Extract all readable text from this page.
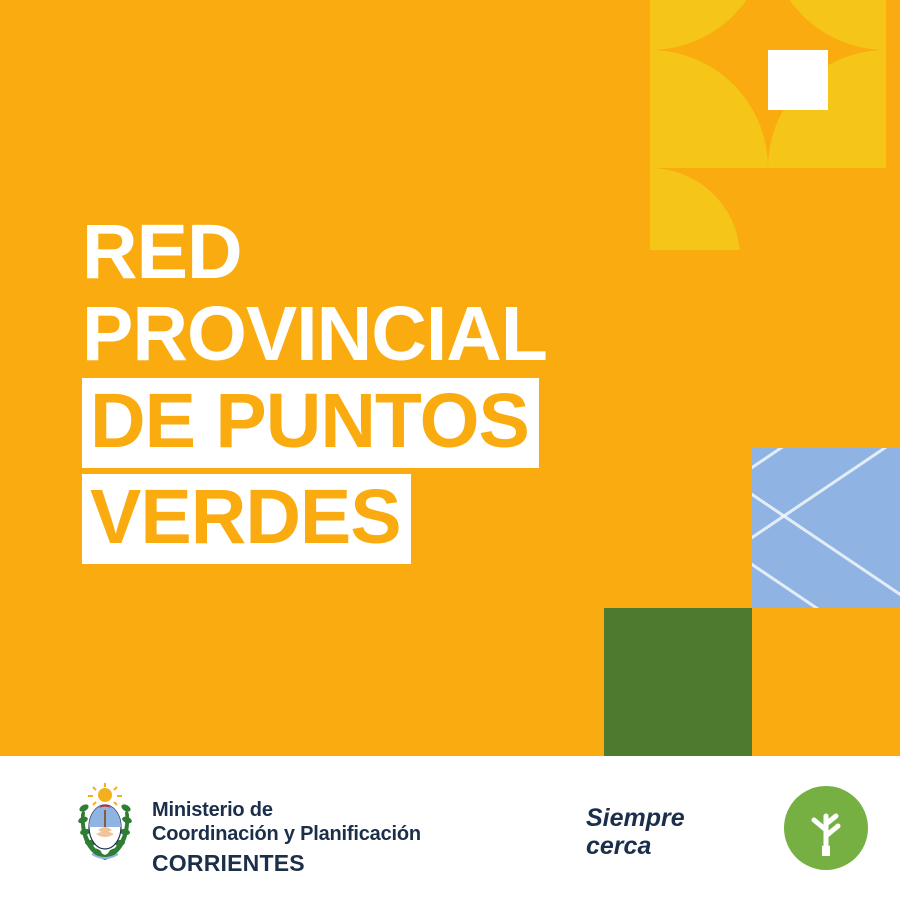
RED
PROVINCIAL
DE PUNTOS VERDES
Ministerio de
Coordinación y Planificación
CORRIENTES
Siempre
cerca
